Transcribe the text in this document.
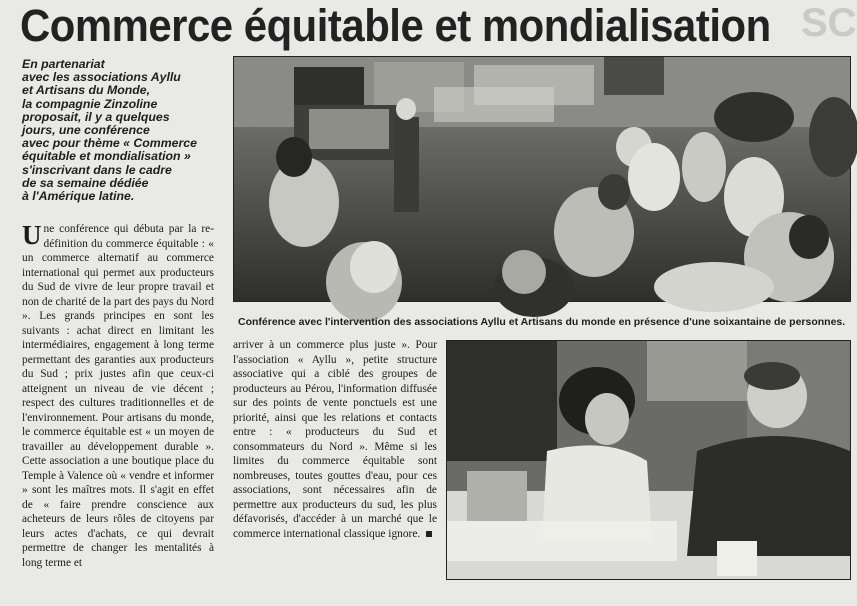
Commerce équitable et mondialisation SC
En partenariat
avec les associations Ayllu
et Artisans du Monde,
la compagnie Zinzoline
proposait, il y a quelques
jours, une conférence
avec pour thème « Commerce
équitable et mondialisation »
s'inscrivant dans le cadre
de sa semaine dédiée
à l'Amérique latine.
Une conférence qui débuta par la re-définition du commerce équitable : « un commerce alternatif au commerce international qui permet aux producteurs du Sud de vivre de leur propre travail et non de charité de la part des pays du Nord ». Les grands principes en sont les suivants : achat direct en limitant les intermédiaires, engagement à long terme permettant des garanties aux producteurs du Sud ; prix justes afin que ceux-ci atteignent un niveau de vie décent ; respect des cultures traditionnelles et de l'environnement. Pour artisans du monde, le commerce équitable est « un moyen de travailler au développement durable ». Cette association a une boutique place du Temple à Valence où « vendre et informer » sont les maîtres mots. Il s'agit en effet de « faire prendre conscience aux acheteurs de leurs rôles de citoyens par leurs actes d'achats, ce qui devrait permettre de changer les mentalités à long terme et
Conférence avec l'intervention des associations Ayllu et Artisans du monde en présence d'une soixantaine de personnes.
arriver à un commerce plus juste ». Pour l'association « Ayllu », petite structure associative qui a ciblé des groupes de producteurs au Pérou, l'information diffusée sur des points de vente ponctuels est une priorité, ainsi que les relations et contacts entre : « producteurs du Sud et consommateurs du Nord ». Même si les limites du commerce équitable sont nombreuses, toutes gouttes d'eau, pour ces associations, sont nécessaires afin de permettre aux producteurs du sud, les plus défavorisés, d'accéder à un marché que le commerce international classique ignore.
